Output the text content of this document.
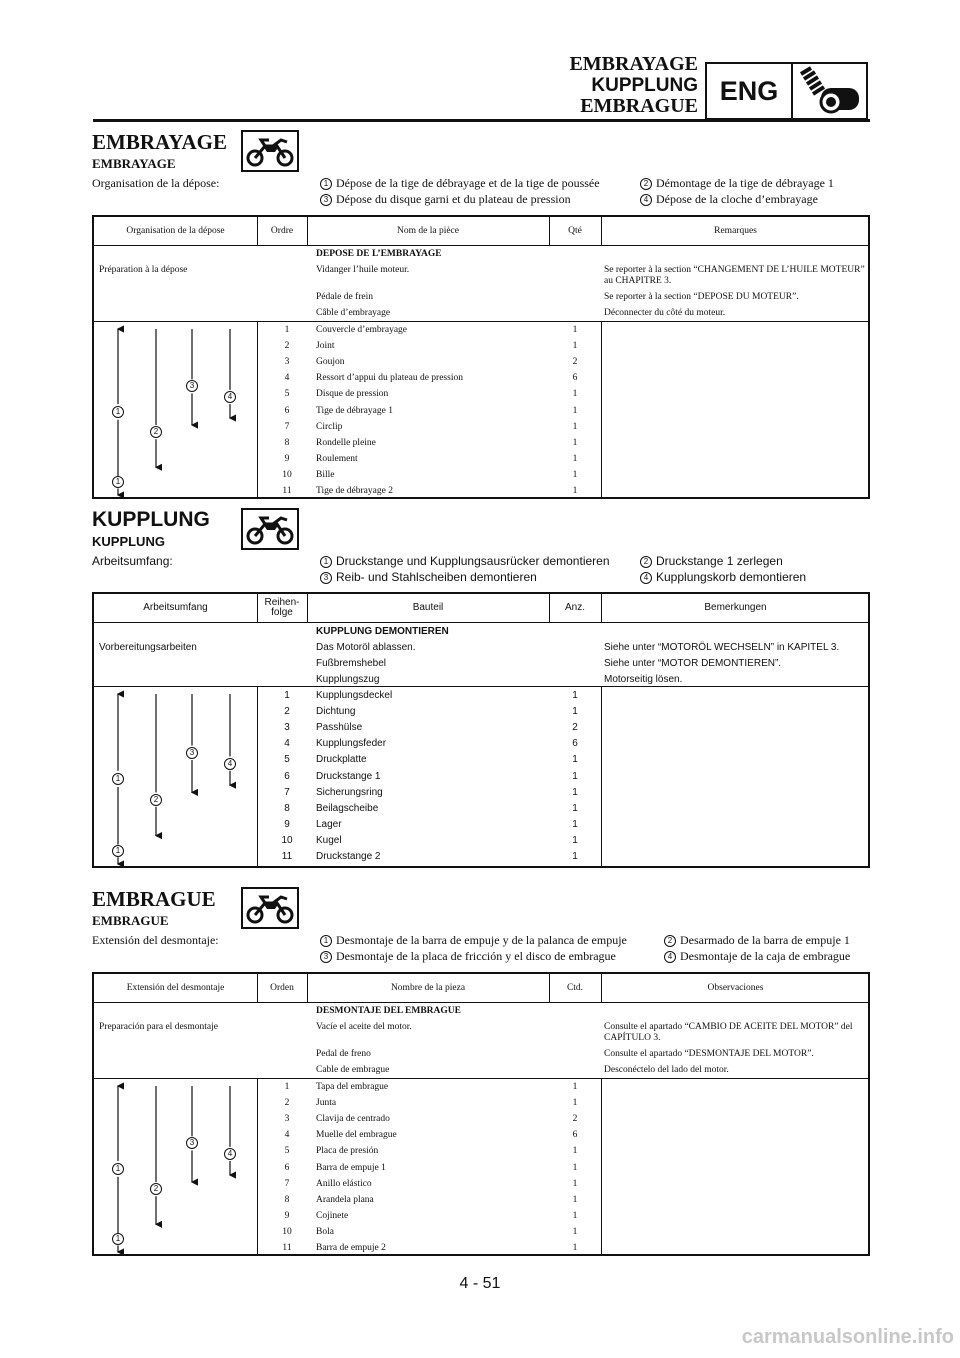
EMBRAYAGE
KUPPLUNG
EMBRAGUE
ENG
EMBRAYAGE
EMBRAYAGE
Organisation de la dépose:	1 Dépose de la tige de débrayage et de la tige de poussée	2 Démontage de la tige de débrayage 1
3 Dépose du disque garni et du plateau de pression	4 Dépose de la cloche d’embrayage
Organisation de la dépose	Ordre	Nom de la pièce	Qté	Remarques
DEPOSE DE L’EMBRAYAGE
Préparation à la dépose	Vidanger l’huile moteur.	Se reporter à la section “CHANGEMENT DE L’HUILE MOTEUR” au CHAPITRE 3.
Pédale de frein	Se reporter à la section “DEPOSE DU MOTEUR”.
Câble d’embrayage	Déconnecter du côté du moteur.
1	Couvercle d’embrayage	1
2	Joint	1
3	Goujon	2
4	Ressort d’appui du plateau de pression	6
5	Disque de pression	1
6	Tige de débrayage 1	1
7	Circlip	1
8	Rondelle pleine	1
9	Roulement	1
10	Bille	1
11	Tige de débrayage 2	1
1
2
3
4
1
KUPPLUNG
KUPPLUNG
Arbeitsumfang:	1 Druckstange und Kupplungsausrücker demontieren	2 Druckstange 1 zerlegen
3 Reib- und Stahlscheiben demontieren	4 Kupplungskorb demontieren
Arbeitsumfang	Reihen-folge	Bauteil	Anz.	Bemerkungen
KUPPLUNG DEMONTIEREN
Vorbereitungsarbeiten	Das Motoröl ablassen.	Siehe unter “MOTORÖL WECHSELN” in KAPITEL 3.
Fußbremshebel	Siehe unter “MOTOR DEMONTIEREN”.
Kupplungszug	Motorseitig lösen.
1	Kupplungsdeckel	1
2	Dichtung	1
3	Passhülse	2
4	Kupplungsfeder	6
5	Druckplatte	1
6	Druckstange 1	1
7	Sicherungsring	1
8	Beilagscheibe	1
9	Lager	1
10	Kugel	1
11	Druckstange 2	1
1
2
3
4
1
EMBRAGUE
EMBRAGUE
Extensión del desmontaje:	1 Desmontaje de la barra de empuje y de la palanca de empuje	2 Desarmado de la barra de empuje 1
3 Desmontaje de la placa de fricción y el disco de embrague	4 Desmontaje de la caja de embrague
Extensión del desmontaje	Orden	Nombre de la pieza	Ctd.	Observaciones
DESMONTAJE DEL EMBRAGUE
Preparación para el desmontaje	Vacíe el aceite del motor.	Consulte el apartado “CAMBIO DE ACEITE DEL MOTOR” del CAPÍTULO 3.
Pedal de freno	Consulte el apartado “DESMONTAJE DEL MOTOR”.
Cable de embrague	Desconéctelo del lado del motor.
1	Tapa del embrague	1
2	Junta	1
3	Clavija de centrado	2
4	Muelle del embrague	6
5	Placa de presión	1
6	Barra de empuje 1	1
7	Anillo elástico	1
8	Arandela plana	1
9	Cojinete	1
10	Bola	1
11	Barra de empuje 2	1
1
2
3
4
1
4 - 51
carmanualsonline.info
